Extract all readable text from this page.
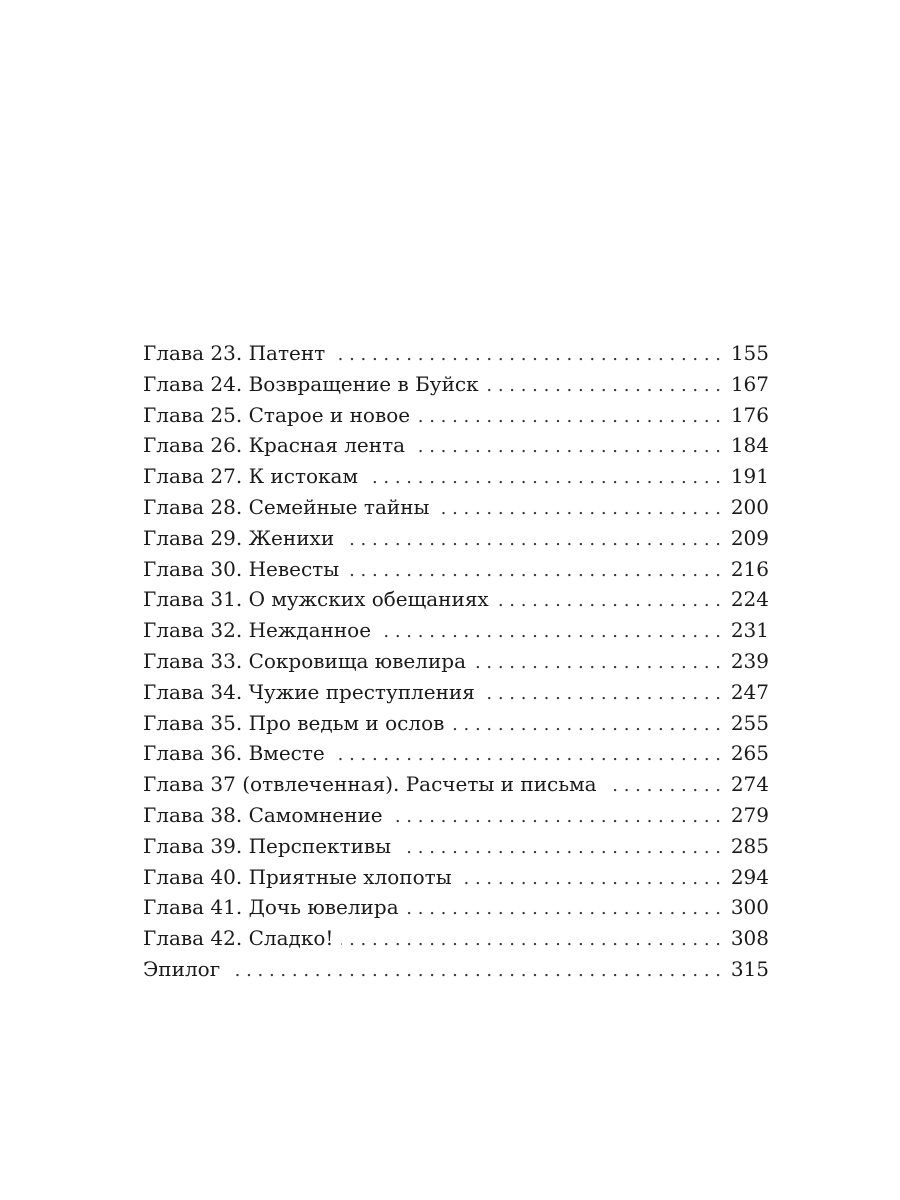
Глава 23. Патент . . .	155
Глава 24. Возвращение в Буйск . . .	167
Глава 25. Старое и новое . . .	176
Глава 26. Красная лента . . .	184
Глава 27. К истокам . . .	191
Глава 28. Семейные тайны . . .	200
Глава 29. Женихи . . .	209
Глава 30. Невесты . . .	216
Глава 31. О мужских обещаниях . . .	224
Глава 32. Нежданное . . .	231
Глава 33. Сокровища ювелира . . .	239
Глава 34. Чужие преступления . . .	247
Глава 35. Про ведьм и ослов . . .	255
Глава 36. Вместе . . .	265
Глава 37 (отвлеченная). Расчеты и письма . . .	274
Глава 38. Самомнение . . .	279
Глава 39. Перспективы . . .	285
Глава 40. Приятные хлопоты . . .	294
Глава 41. Дочь ювелира . . .	300
Глава 42. Сладко! . . .	308
Эпилог . . .	315
